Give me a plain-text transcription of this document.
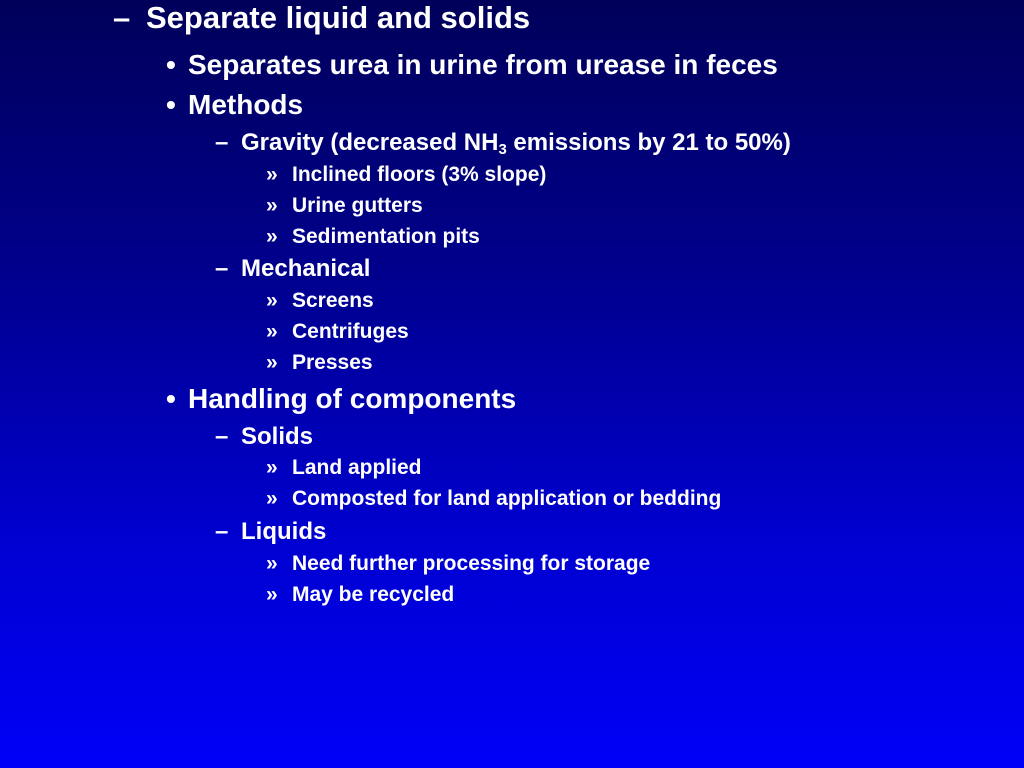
– Separate liquid and solids
• Separates urea in urine from urease in feces
• Methods
– Gravity (decreased $NH_3$ emissions by 21 to 50%)
» Inclined floors (3% slope)
» Urine gutters
» Sedimentation pits
– Mechanical
» Screens
» Centrifuges
» Presses
• Handling of components
– Solids
» Land applied
» Composted for land application or bedding
– Liquids
» Need further processing for storage
» May be recycled
